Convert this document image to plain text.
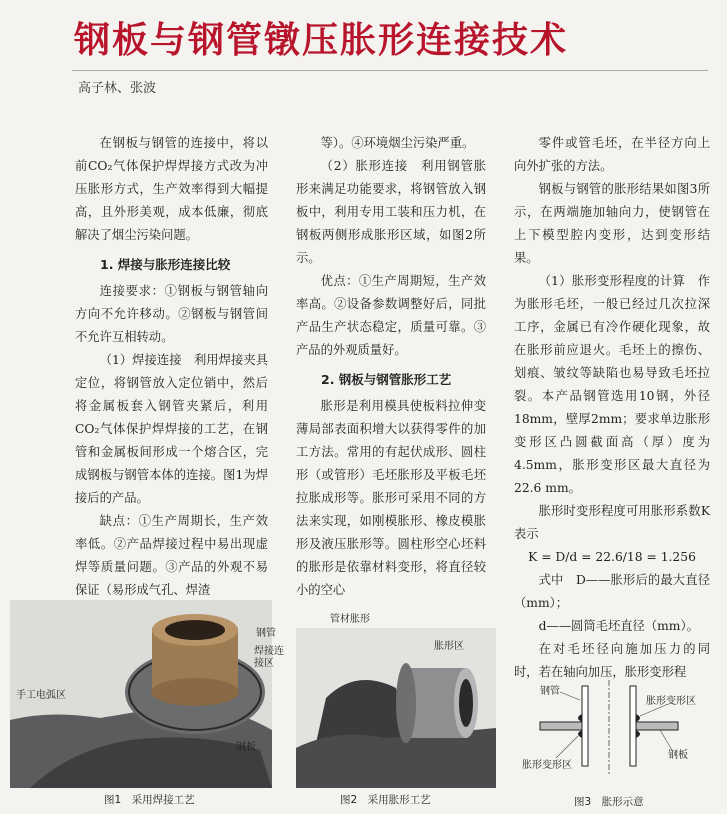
钢板与钢管镦压胀形连接技术
高子林、张波

在钢板与钢管的连接中，将以前CO₂气体保护焊焊接方式改为冲压胀形方式，生产效率得到大幅提高，且外形美观，成本低廉，彻底解决了烟尘污染问题。

1. 焊接与胀形连接比较

连接要求：①钢板与钢管轴向方向不允许移动。②钢板与钢管间不允许互相转动。

（1）焊接连接　利用焊接夹具定位，将钢管放入定位销中，然后将金属板套入钢管夹紧后，利用CO₂气体保护焊焊接的工艺，在钢管和金属板间形成一个熔合区，完成钢板与钢管本体的连接。图1为焊接后的产品。

缺点：①生产周期长，生产效率低。②产品焊接过程中易出现虚焊等质量问题。③产品的外观不易保证（易形成气孔、焊渣

等）。④环境烟尘污染严重。

（2）胀形连接　利用钢管胀形来满足功能要求，将钢管放入钢板中，利用专用工装和压力机，在钢板两侧形成胀形区域，如图2所示。

优点：①生产周期短，生产效率高。②设备参数调整好后，同批产品生产状态稳定，质量可靠。③产品的外观质量好。

2. 钢板与钢管胀形工艺

胀形是利用模具使板料拉伸变薄局部表面积增大以获得零件的加工方法。常用的有起伏成形、圆柱形（或管形）毛坯胀形及平板毛坯拉胀成形等。胀形可采用不同的方法来实现，如刚模胀形、橡皮模胀形及液压胀形等。圆柱形空心坯料的胀形是依靠材料变形，将直径较小的空心

零件或管毛坯，在半径方向上向外扩张的方法。

钢板与钢管的胀形结果如图3所示，在两端施加轴向力，使钢管在上下模型腔内变形，达到变形结果。

（1）胀形变形程度的计算　作为胀形毛坯，一般已经过几次拉深工序，金属已有冷作硬化现象，故在胀形前应退火。毛坯上的擦伤、划痕、皱纹等缺陷也易导致毛坯拉裂。本产品钢管选用10钢，外径18mm，壁厚2mm；要求单边胀形变形区凸圆截面高（厚）度为4.5mm，胀形变形区最大直径为22.6 mm。

胀形时变形程度可用胀形系数K表示

K = D/d = 22.6/18 = 1.256

式中　D——胀形后的最大直径（mm）；

d——圆筒毛坯直径（mm）。

在对毛坯径向施加压力的同时，若在轴向加压，胀形变形程

钢管
焊接连接区
手工电弧区
钢板
图1　采用焊接工艺
管材胀形
胀形区
图2　采用胀形工艺
钢管
胀形变形区
胀形变形区
钢板
图3　胀形示意
